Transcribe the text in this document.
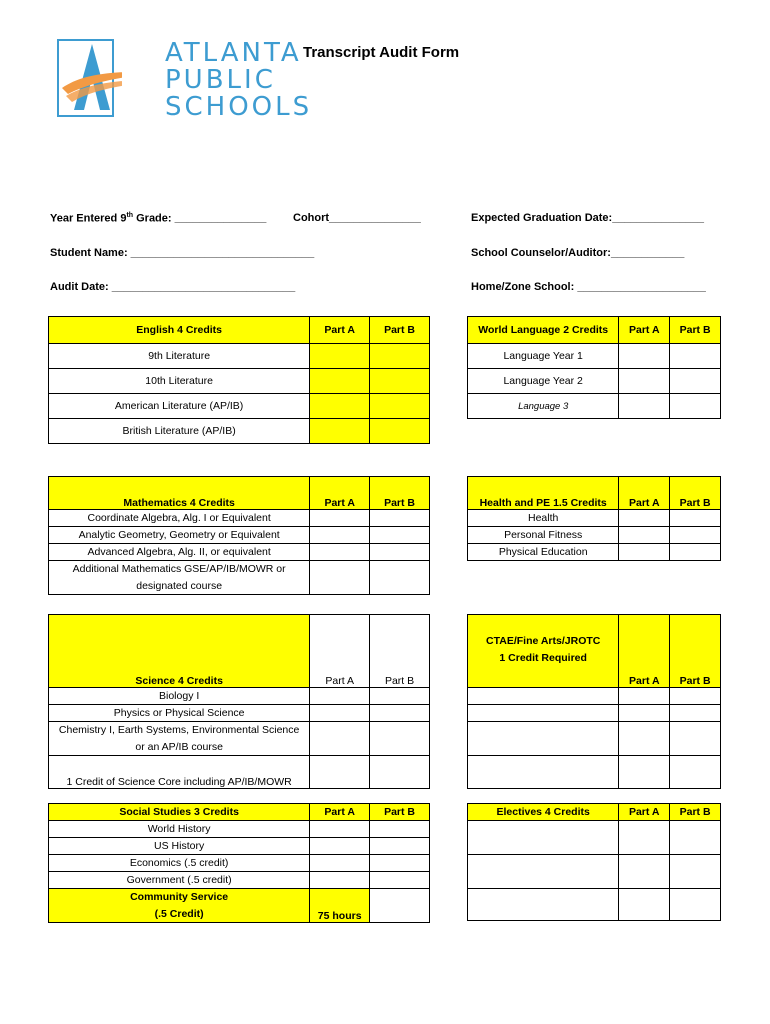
ATLANTA
PUBLIC
SCHOOLS
Transcript Audit Form
Year Entered 9th Grade: _______________ Cohort_______________	Expected Graduation Date:_______________
Student Name: ______________________________	School Counselor/Auditor:____________
Audit Date: ______________________________	Home/Zone School: _____________________
English 4 Credits	Part A	Part B
9th Literature		
10th Literature		
American Literature (AP/IB)		
British Literature (AP/IB)		
World Language 2 Credits	Part A	Part B
Language Year 1		
Language Year 2		
Language 3		
Mathematics 4 Credits	Part A	Part B
Coordinate Algebra, Alg. I or Equivalent		
Analytic Geometry, Geometry or Equivalent		
Advanced Algebra, Alg. II, or equivalent		
Additional Mathematics GSE/AP/IB/MOWR or
designated course		
Health and PE 1.5 Credits	Part A	Part B
Health		
Personal Fitness		
Physical Education		
Science 4 Credits	Part A	Part B
Biology I		
Physics or Physical Science		
Chemistry I, Earth Systems, Environmental Science
or an AP/IB course		
1 Credit of Science Core including AP/IB/MOWR		
CTAE/Fine Arts/JROTC
1 Credit Required	Part A	Part B

Social Studies 3 Credits	Part A	Part B
World History		
US History		
Economics (.5 credit)		
Government (.5 credit)		
Community Service
(.5 Credit)	75 hours	
Electives 4 Credits	Part A	Part B
